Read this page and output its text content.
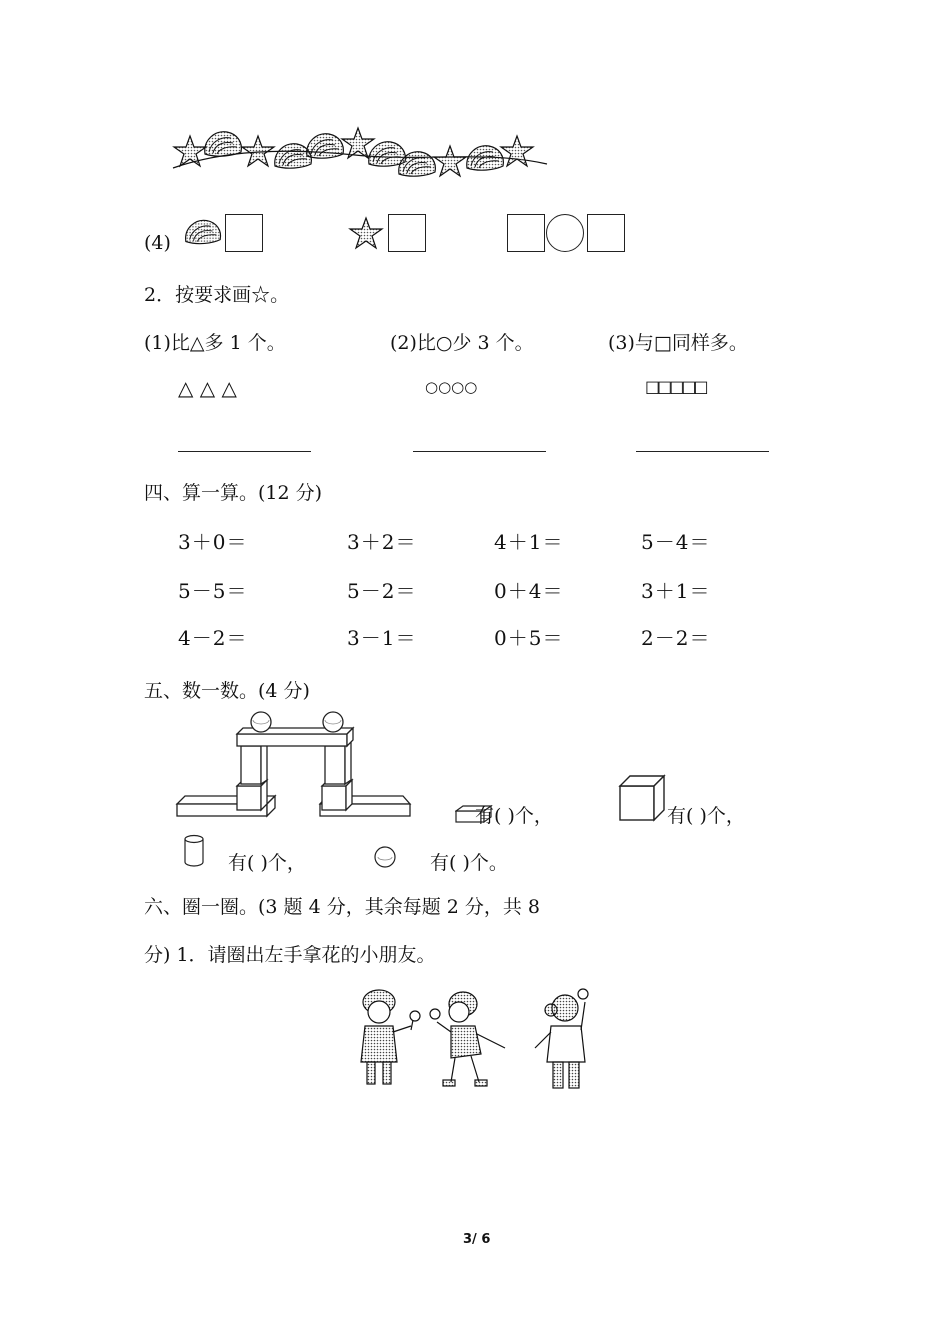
(4)
2．按要求画☆。
(1)比△多 1 个。	(2)比○少 3 个。	(3)与□同样多。
△ △ △	○○○○	□□□□□
四、算一算。(12 分)
3＋0＝	3＋2＝	4＋1＝	5－4＝
5－5＝	5－2＝	0＋4＝	3＋1＝
4－2＝	3－1＝	0＋5＝	2－2＝
五、数一数。(4 分)
有( )个，	有( )个，
有( )个，	有( )个。
六、圈一圈。(3 题 4 分，其余每题 2 分，共 8
分) 1．请圈出左手拿花的小朋友。
3/ 6
